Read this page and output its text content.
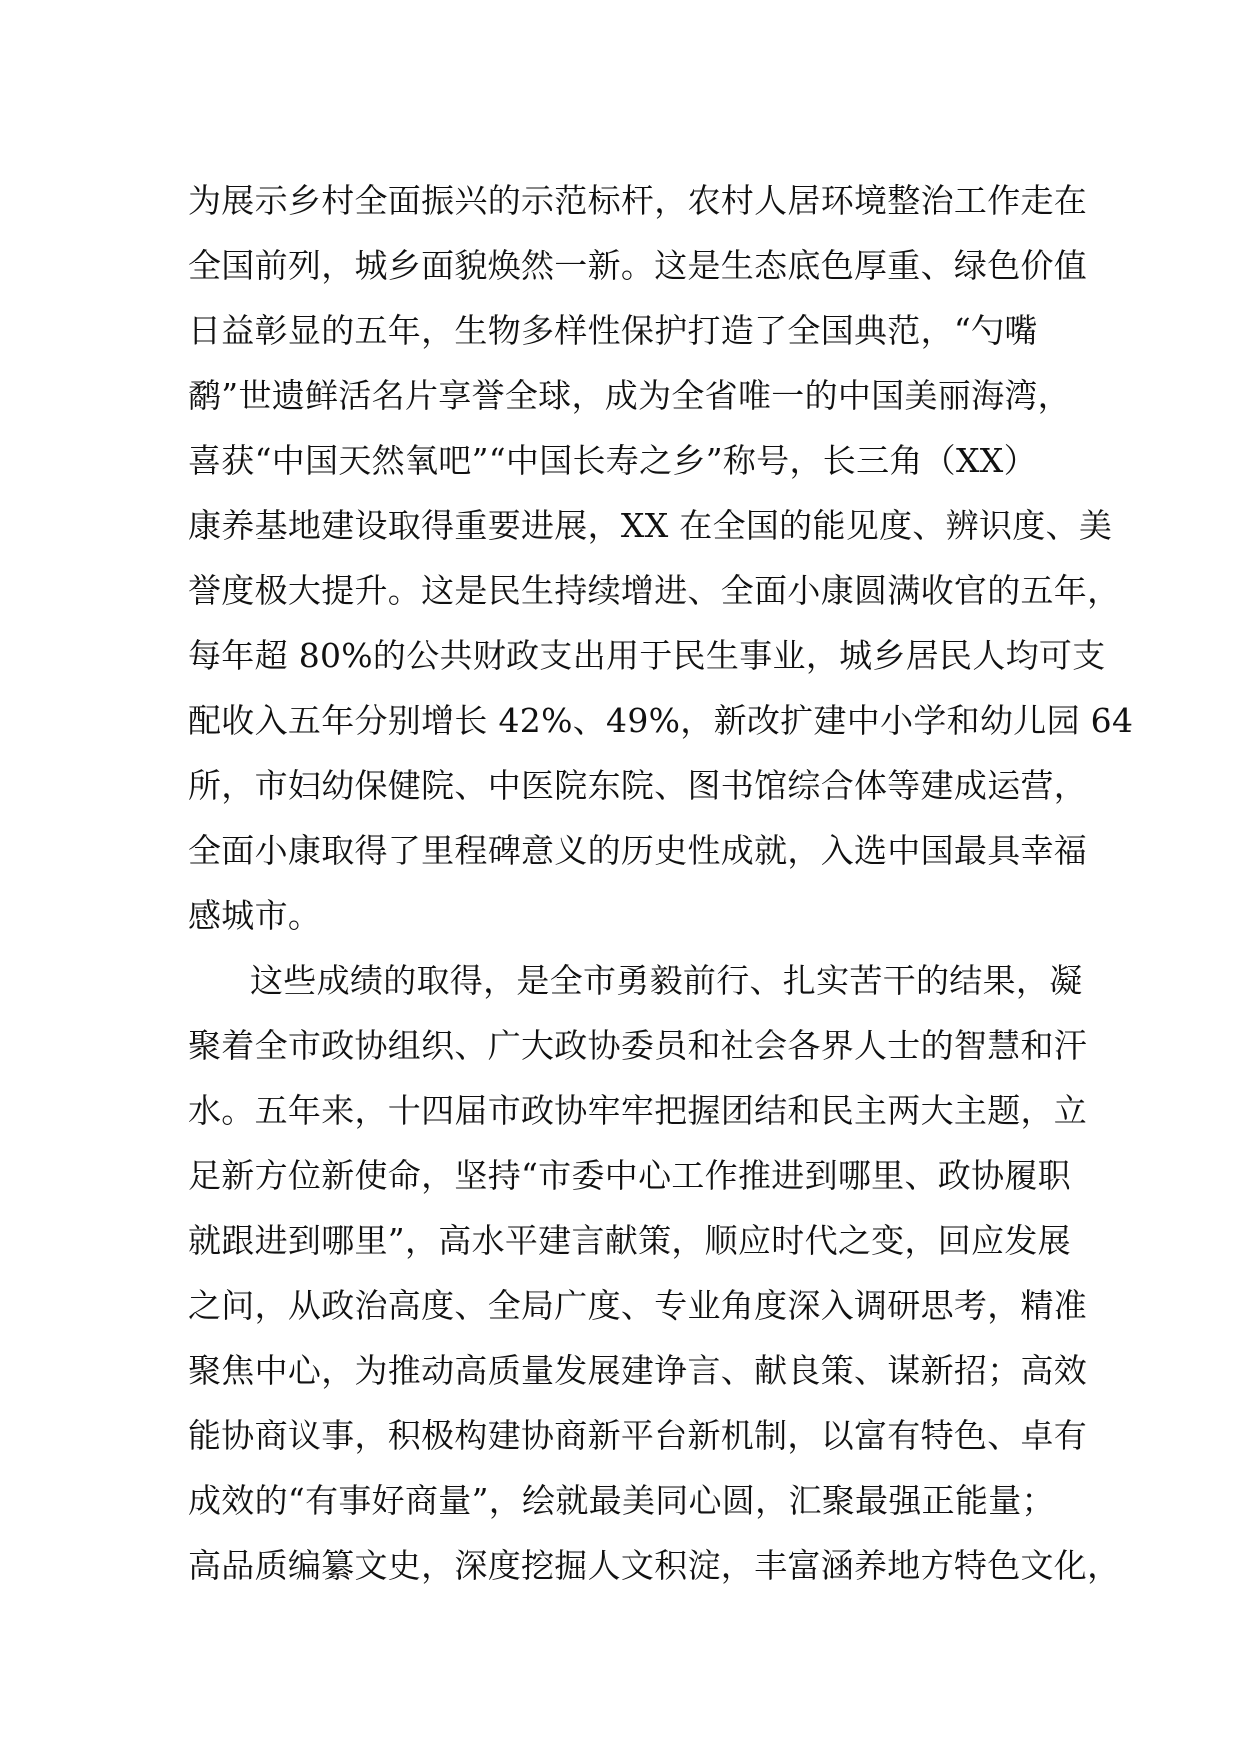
为展示乡村全面振兴的示范标杆，农村人居环境整治工作走在
全国前列，城乡面貌焕然一新。这是生态底色厚重、绿色价值
日益彰显的五年，生物多样性保护打造了全国典范，“勺嘴
鹬”世遗鲜活名片享誉全球，成为全省唯一的中国美丽海湾，
喜获“中国天然氧吧”“中国长寿之乡”称号，长三角（XX）
康养基地建设取得重要进展，XX 在全国的能见度、辨识度、美
誉度极大提升。这是民生持续增进、全面小康圆满收官的五年，
每年超 80%的公共财政支出用于民生事业，城乡居民人均可支
配收入五年分别增长 42%、49%，新改扩建中小学和幼儿园 64
所，市妇幼保健院、中医院东院、图书馆综合体等建成运营，
全面小康取得了里程碑意义的历史性成就，入选中国最具幸福
感城市。
这些成绩的取得，是全市勇毅前行、扎实苦干的结果，凝
聚着全市政协组织、广大政协委员和社会各界人士的智慧和汗
水。五年来，十四届市政协牢牢把握团结和民主两大主题，立
足新方位新使命，坚持“市委中心工作推进到哪里、政协履职
就跟进到哪里”，高水平建言献策，顺应时代之变，回应发展
之问，从政治高度、全局广度、专业角度深入调研思考，精准
聚焦中心，为推动高质量发展建诤言、献良策、谋新招；高效
能协商议事，积极构建协商新平台新机制，以富有特色、卓有
成效的“有事好商量”，绘就最美同心圆，汇聚最强正能量；
高品质编纂文史，深度挖掘人文积淀，丰富涵养地方特色文化，
